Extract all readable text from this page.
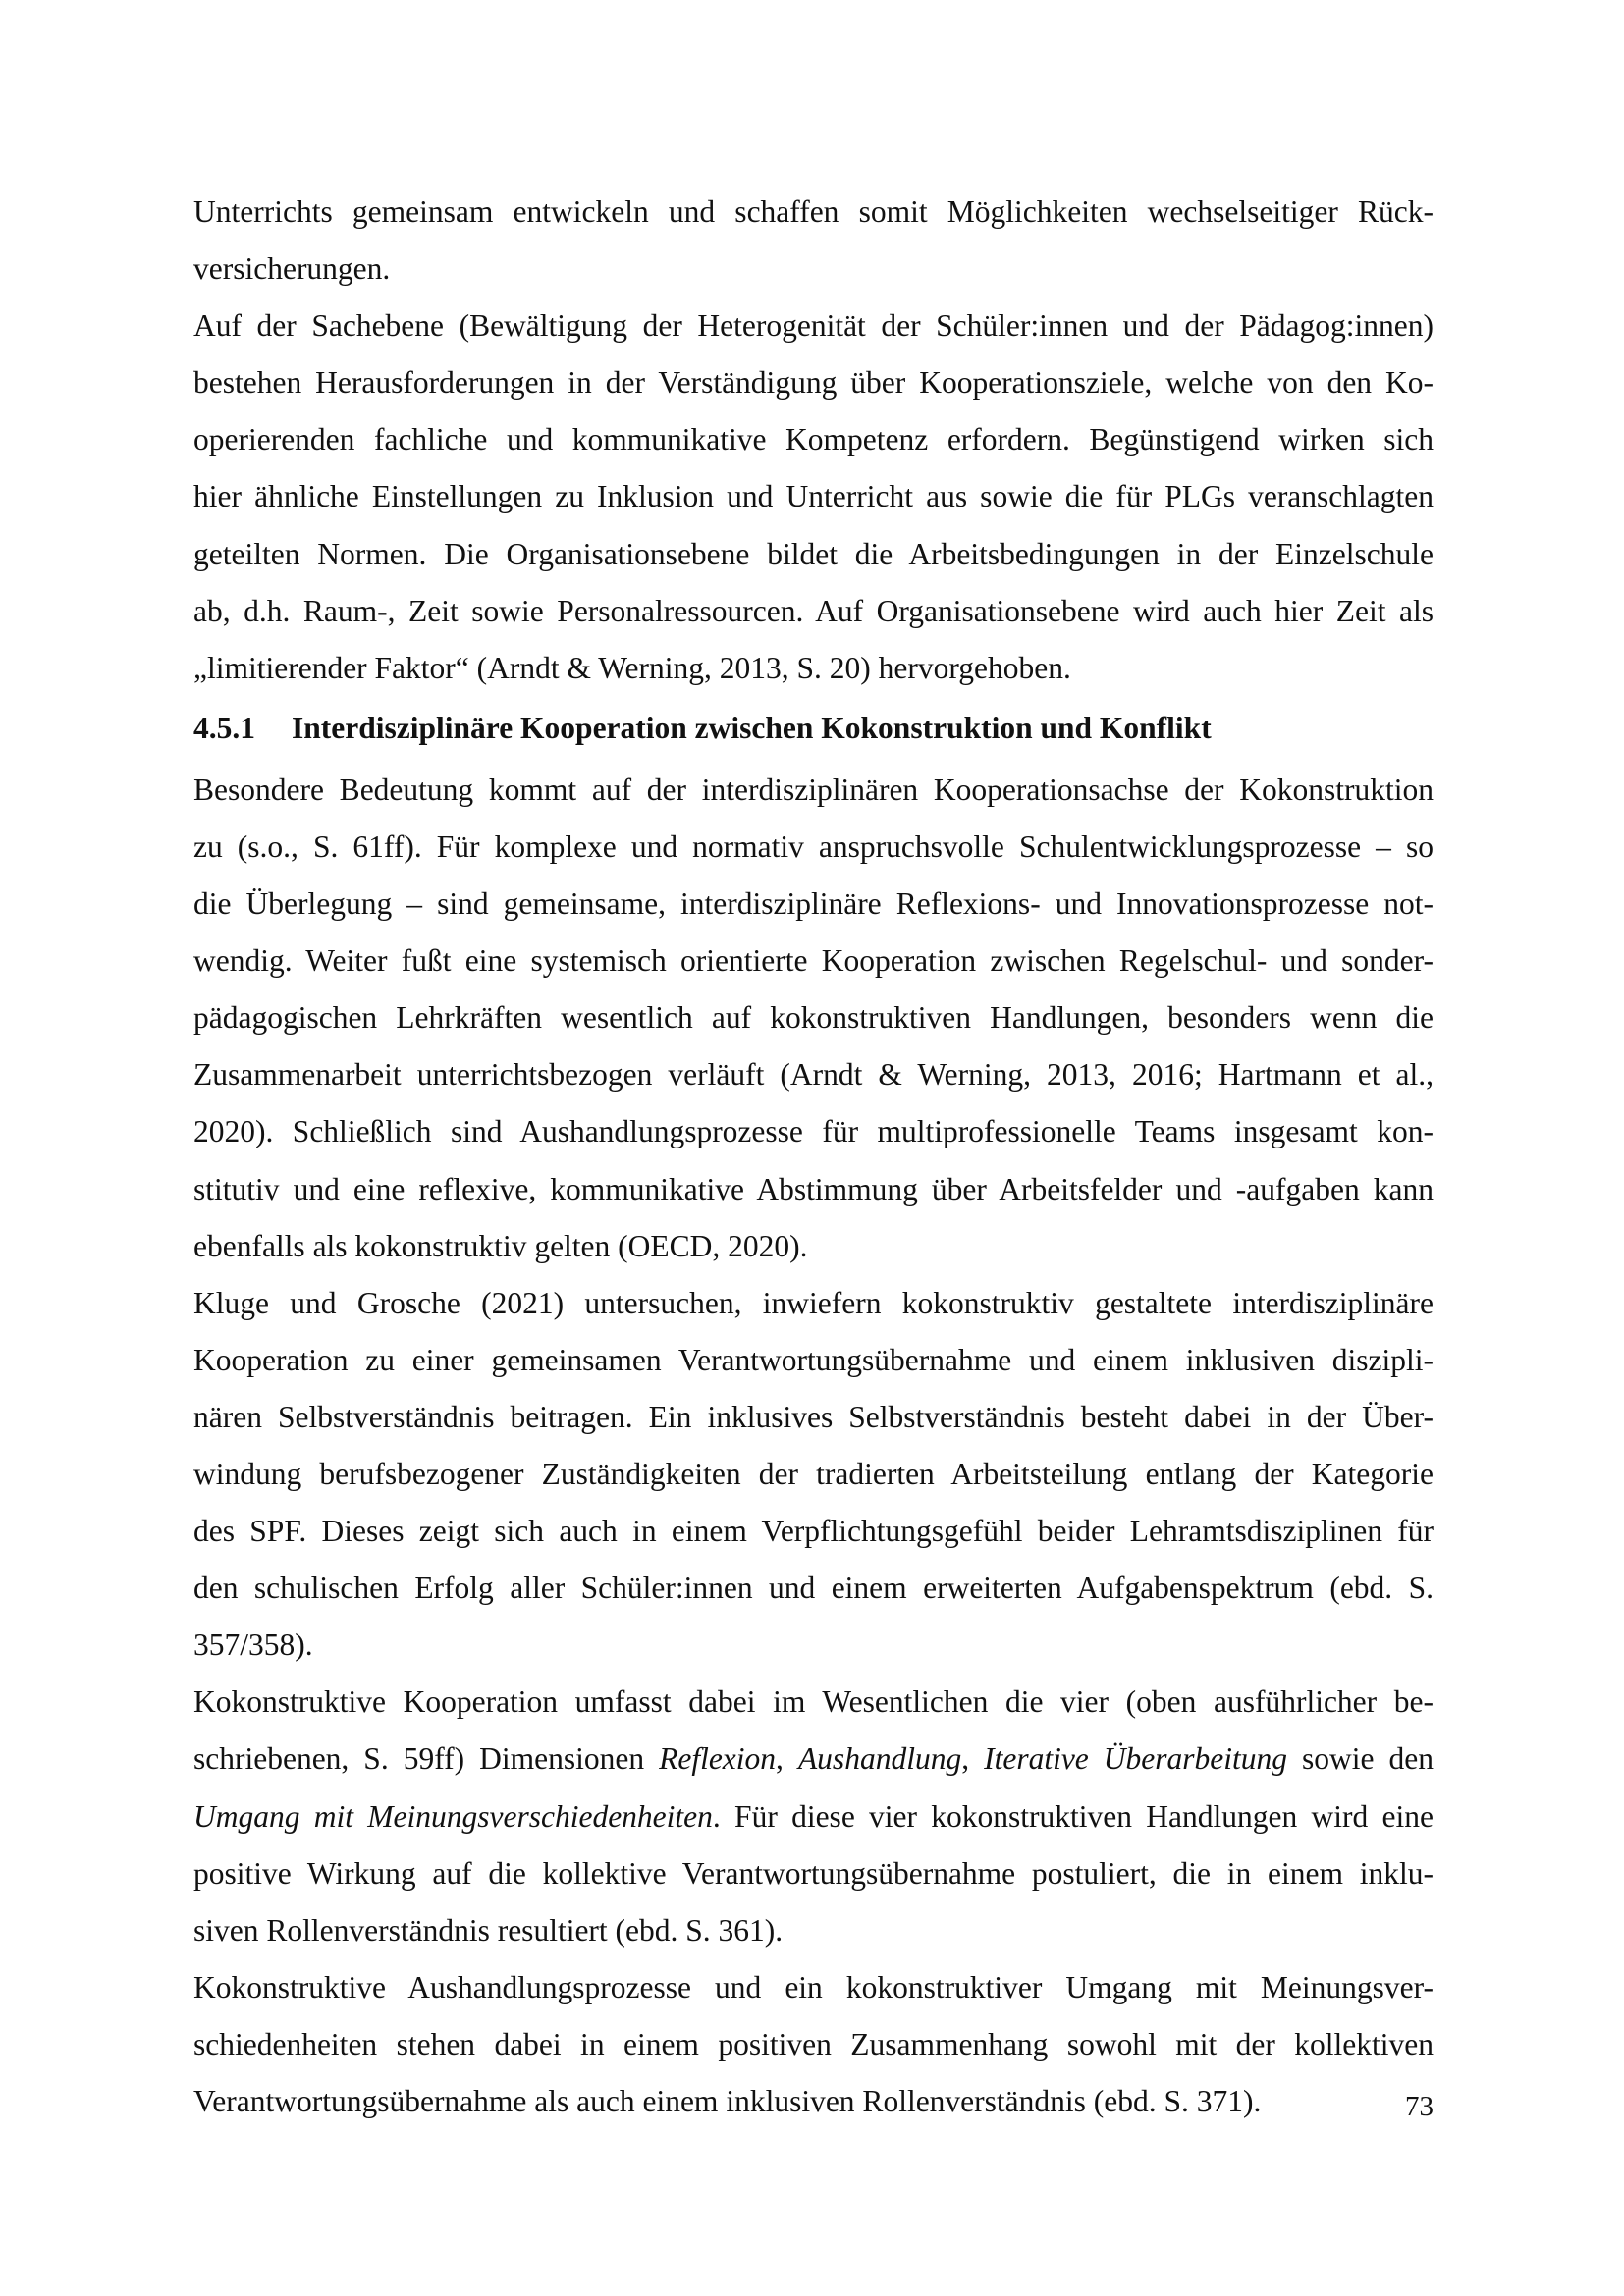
Unterrichts gemeinsam entwickeln und schaffen somit Möglichkeiten wechselseitiger Rück-
versicherungen.
Auf der Sachebene (Bewältigung der Heterogenität der Schüler:innen und der Pädagog:innen)
bestehen Herausforderungen in der Verständigung über Kooperationsziele, welche von den Ko-
operierenden fachliche und kommunikative Kompetenz erfordern. Begünstigend wirken sich
hier ähnliche Einstellungen zu Inklusion und Unterricht aus sowie die für PLGs veranschlagten
geteilten Normen. Die Organisationsebene bildet die Arbeitsbedingungen in der Einzelschule
ab, d.h. Raum-, Zeit sowie Personalressourcen. Auf Organisationsebene wird auch hier Zeit als
„limitierender Faktor“ (Arndt & Werning, 2013, S. 20) hervorgehoben.
4.5.1 Interdisziplinäre Kooperation zwischen Kokonstruktion und Konflikt
Besondere Bedeutung kommt auf der interdisziplinären Kooperationsachse der Kokonstruktion
zu (s.o., S. 61ff). Für komplexe und normativ anspruchsvolle Schulentwicklungsprozesse – so
die Überlegung – sind gemeinsame, interdisziplinäre Reflexions- und Innovationsprozesse not-
wendig. Weiter fußt eine systemisch orientierte Kooperation zwischen Regelschul- und sonder-
pädagogischen Lehrkräften wesentlich auf kokonstruktiven Handlungen, besonders wenn die
Zusammenarbeit unterrichtsbezogen verläuft (Arndt & Werning, 2013, 2016; Hartmann et al.,
2020). Schließlich sind Aushandlungsprozesse für multiprofessionelle Teams insgesamt kon-
stitutiv und eine reflexive, kommunikative Abstimmung über Arbeitsfelder und -aufgaben kann
ebenfalls als kokonstruktiv gelten (OECD, 2020).
Kluge und Grosche (2021) untersuchen, inwiefern kokonstruktiv gestaltete interdisziplinäre
Kooperation zu einer gemeinsamen Verantwortungsübernahme und einem inklusiven diszipli-
nären Selbstverständnis beitragen. Ein inklusives Selbstverständnis besteht dabei in der Über-
windung berufsbezogener Zuständigkeiten der tradierten Arbeitsteilung entlang der Kategorie
des SPF. Dieses zeigt sich auch in einem Verpflichtungsgefühl beider Lehramtsdisziplinen für
den schulischen Erfolg aller Schüler:innen und einem erweiterten Aufgabenspektrum (ebd. S.
357/358).
Kokonstruktive Kooperation umfasst dabei im Wesentlichen die vier (oben ausführlicher be-
schriebenen, S. 59ff) Dimensionen Reflexion, Aushandlung, Iterative Überarbeitung sowie den
Umgang mit Meinungsverschiedenheiten. Für diese vier kokonstruktiven Handlungen wird eine
positive Wirkung auf die kollektive Verantwortungsübernahme postuliert, die in einem inklu-
siven Rollenverständnis resultiert (ebd. S. 361).
Kokonstruktive Aushandlungsprozesse und ein kokonstruktiver Umgang mit Meinungsver-
schiedenheiten stehen dabei in einem positiven Zusammenhang sowohl mit der kollektiven
Verantwortungsübernahme als auch einem inklusiven Rollenverständnis (ebd. S. 371).	73
